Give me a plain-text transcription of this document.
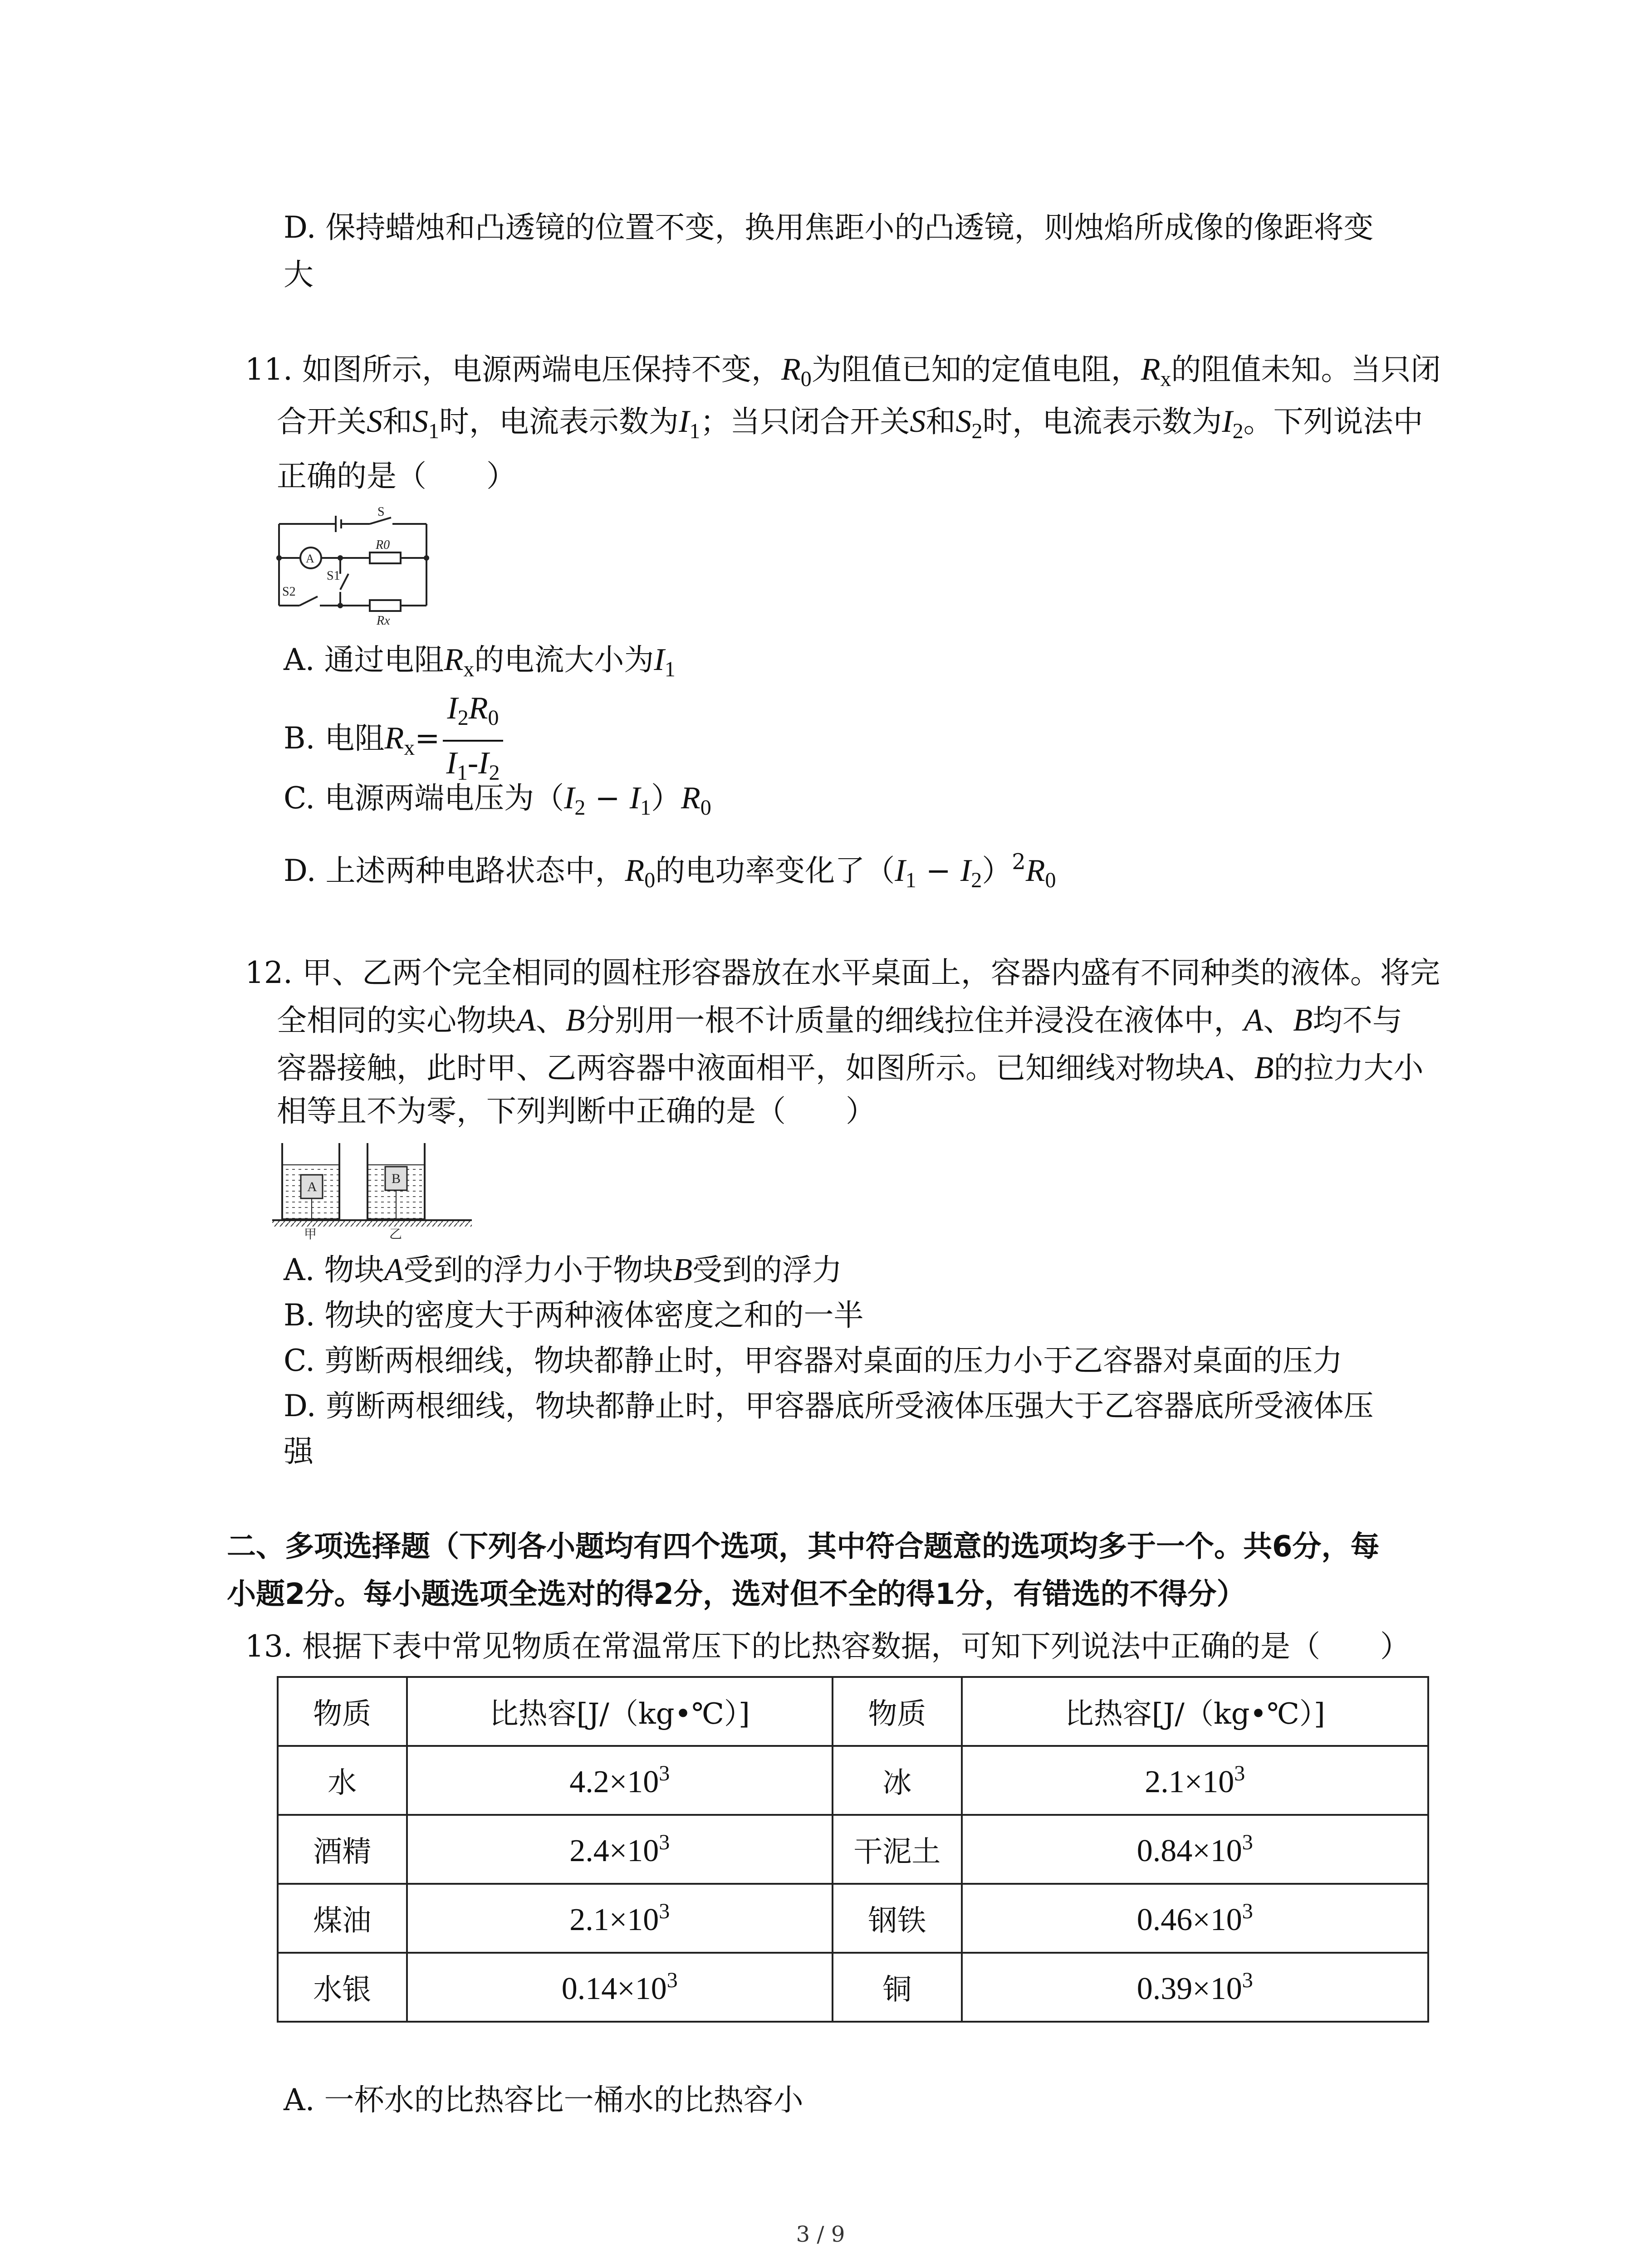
D. 保持蜡烛和凸透镜的位置不变，换用焦距小的凸透镜，则烛焰所成像的像距将变
大
11. 如图所示，电源两端电压保持不变，$R_0$为阻值已知的定值电阻，$R_x$的阻值未知。当只闭
合开关S和$S_1$时，电流表示数为$I_1$；当只闭合开关S和$S_2$时，电流表示数为$I_2$。下列说法中
正确的是（　　）
S
A
R0
S1
S2
Rx
A. 通过电阻$R_x$的电流大小为$I_1$
B. 电阻$R_x= \frac{I_2R_0}{I_1-I_2}$
C. 电源两端电压为$(I_2 - I_1)R_0$
D. 上述两种电路状态中，$R_0$的电功率变化了$(I_1 - I_2)^2R_0$
12. 甲、乙两个完全相同的圆柱形容器放在水平桌面上，容器内盛有不同种类的液体。将完
全相同的实心物块A、B分别用一根不计质量的细线拉住并浸没在液体中，A、B均不与
容器接触，此时甲、乙两容器中液面相平，如图所示。已知细线对物块A、B的拉力大小
相等且不为零，下列判断中正确的是（　　）
A
B
甲	乙
A. 物块A受到的浮力小于物块B受到的浮力
B. 物块的密度大于两种液体密度之和的一半
C. 剪断两根细线，物块都静止时，甲容器对桌面的压力小于乙容器对桌面的压力
D. 剪断两根细线，物块都静止时，甲容器底所受液体压强大于乙容器底所受液体压
强
二、多项选择题（下列各小题均有四个选项，其中符合题意的选项均多于一个。共6分，每
小题2分。每小题选项全选对的得2分，选对但不全的得1分，有错选的不得分）
13. 根据下表中常见物质在常温常压下的比热容数据，可知下列说法中正确的是（　　）
物质	比热容[J/（kg•℃）]	物质	比热容[J/（kg•℃）]
水	$4.2\times 10^3$	冰	$2.1\times 10^3$
酒精	$2.4\times 10^3$	干泥土	$0.84\times 10^3$
煤油	$2.1\times 10^3$	钢铁	$0.46\times 10^3$
水银	$0.14\times 10^3$	铜	$0.39\times 10^3$
A. 一杯水的比热容比一桶水的比热容小
3 / 9
